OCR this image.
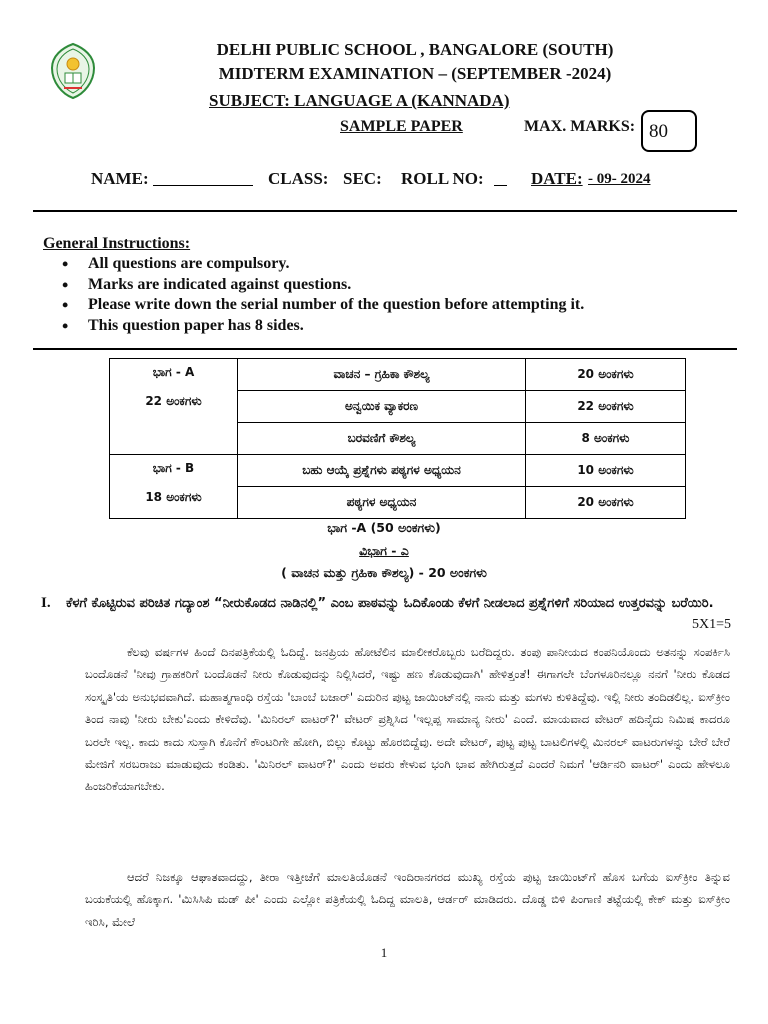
DELHI PUBLIC SCHOOL , BANGALORE (SOUTH)
MIDTERM EXAMINATION – (SEPTEMBER -2024)
SUBJECT: LANGUAGE A (KANNADA)
SAMPLE PAPER	MAX. MARKS: 80
NAME:	CLASS: SEC: ROLL NO:	DATE: - 09- 2024
General Instructions:
• All questions are compulsory.
• Marks are indicated against questions.
• Please write down the serial number of the question before attempting it.
• This question paper has 8 sides.
ಭಾಗ - A
22 ಅಂಕಗಳು	ವಾಚನ – ಗ್ರಹಿಕಾ ಕೌಶಲ್ಯ	20 ಅಂಕಗಳು
	ಅನ್ವಯಿಕ ವ್ಯಾಕರಣ	22 ಅಂಕಗಳು
	ಬರವಣಿಗೆ ಕೌಶಲ್ಯ	8 ಅಂಕಗಳು

ಭಾಗ - B
18 ಅಂಕಗಳು	ಬಹು ಆಯ್ಕೆ ಪ್ರಶ್ನೆಗಳು ಪಠ್ಯಗಳ ಅಧ್ಯಯನ	10 ಅಂಕಗಳು
	ಪಠ್ಯಗಳ ಅಧ್ಯಯನ	20 ಅಂಕಗಳು
ಭಾಗ -A (50 ಅಂಕಗಳು)
ವಿಭಾಗ - ಎ
( ವಾಚನ ಮತ್ತು ಗ್ರಹಿಕಾ ಕೌಶಲ್ಯ) - 20 ಅಂಕಗಳು
I. ಕೆಳಗೆ ಕೊಟ್ಟಿರುವ ಪರಿಚಿತ ಗದ್ಯಾಂಶ “ನೀರುಕೊಡದ ನಾಡಿನಲ್ಲಿ” ಎಂಬ ಪಾಠವನ್ನು ಓದಿಕೊಂಡು ಕೆಳಗೆ ನೀಡಲಾದ ಪ್ರಶ್ನೆಗಳಿಗೆ ಸರಿಯಾದ ಉತ್ತರವನ್ನು ಬರೆಯಿರಿ.
5X1=5
ಕೆಲವು ವರ್ಷಗಳ ಹಿಂದೆ ದಿನಪತ್ರಿಕೆಯಲ್ಲಿ ಓದಿದ್ದೆ. ಜನಪ್ರಿಯ ಹೋಟೆಲಿನ ಮಾಲೀಕರೊಬ್ಬರು ಬರೆದಿದ್ದರು. ತಂಪು ಪಾನೀಯದ ಕಂಪನಿಯೊಂದು ಅತನನ್ನು ಸಂಪರ್ಕಿಸಿ ಬಂದೊಡನೆ 'ನೀವು ಗ್ರಾಹಕರಿಗೆ ಬಂದೊಡನೆ ನೀರು ಕೊಡುವುದನ್ನು ನಿಲ್ಲಿಸಿದರೆ, ಇಷ್ಟು ಹಣ ಕೊಡುವುದಾಗಿ' ಹೇಳಿತ್ತಂತೆ! ಈಗಾಗಲೇ ಬೆಂಗಳೂರಿನಲ್ಲೂ ನನಗೆ 'ನೀರು ಕೊಡದ ಸಂಸ್ಕೃತಿ'ಯ ಅನುಭವವಾಗಿದೆ. ಮಹಾತ್ಮಗಾಂಧಿ ರಸ್ತೆಯ 'ಬಾಂಬೆ ಬಜಾರ್' ಎದುರಿನ ಪುಟ್ಟ ಜಾಯಿಂಟ್‌ನಲ್ಲಿ ನಾನು ಮತ್ತು ಮಗಳು ಕುಳಿತಿದ್ದೆವು. ಇಲ್ಲಿ ನೀರು ತಂದಿಡಲಿಲ್ಲ. ಐಸ್‌ಕ್ರೀಂ ತಿಂದ ನಾವು 'ನೀರು ಬೇಕು'ಎಂದು ಕೇಳಿದೆವು. 'ಮಿನಿರಲ್ ವಾಟರ್?' ವೇಟರ್ ಪ್ರಶ್ನಿಸಿದ 'ಇಲ್ಲಪ್ಪ ಸಾಮಾನ್ಯ ನೀರು' ಎಂದೆ. ಮಾಯವಾದ ವೇಟರ್ ಹದಿನೈದು ನಿಮಿಷ ಕಾದರೂ ಬರಲೇ ಇಲ್ಲ. ಕಾದು ಕಾದು ಸುಸ್ತಾಗಿ ಕೊನೆಗೆ ಕೌಂಟರಿಗೇ ಹೋಗಿ, ಬಿಲ್ಲು ಕೊಟ್ಟು ಹೊರಬಿದ್ದೆವು. ಅದೇ ವೇಟರ್, ಪುಟ್ಟ ಪುಟ್ಟ ಬಾಟಲಿಗಳಲ್ಲಿ ಮಿನರಲ್ ವಾಟರುಗಳನ್ನು ಬೇರೆ ಬೇರೆ ಮೇಜಿಗೆ ಸರಬರಾಜು ಮಾಡುವುದು ಕಂಡಿತು. 'ಮಿನಿರಲ್ ವಾಟರ್?' ಎಂದು ಅವರು ಕೇಳುವ ಭಂಗಿ ಭಾವ ಹೇಗಿರುತ್ತದೆ ಎಂದರೆ ನಿಮಗೆ 'ಆರ್ಡಿನರಿ ವಾಟರ್' ಎಂದು ಹೇಳಲೂ ಹಿಂಜರಿಕೆಯಾಗಬೇಕು.
ಆದರೆ ನಿಜಕ್ಕೂ ಆಘಾತವಾದದ್ದು, ತೀರಾ ಇತ್ತೀಚೆಗೆ ಮಾಲತಿಯೊಡನೆ ಇಂದಿರಾನಗರದ ಮುಖ್ಯ ರಸ್ತೆಯ ಪುಟ್ಟ ಜಾಯಿಂಟ್‌ಗೆ ಹೊಸ ಬಗೆಯ ಐಸ್‌ಕ್ರೀಂ ತಿನ್ನುವ ಬಯಕೆಯಲ್ಲಿ ಹೊಕ್ಕಾಗ. 'ಮಿಸಿಸಿಪಿ ಮಡ್ ಪೀ' ಎಂದು ಎಲ್ಲೋ ಪತ್ರಿಕೆಯಲ್ಲಿ ಓದಿದ್ದ ಮಾಲತಿ, ಆರ್ಡರ್ ಮಾಡಿದರು. ದೊಡ್ಡ ಬಿಳಿ ಪಿಂಗಾಣಿ ತಟ್ಟೆಯಲ್ಲಿ ಕೇಕ್ ಮತ್ತು ಐಸ್‌ಕ್ರೀಂ ಇರಿಸಿ, ಮೇಲೆ
1
